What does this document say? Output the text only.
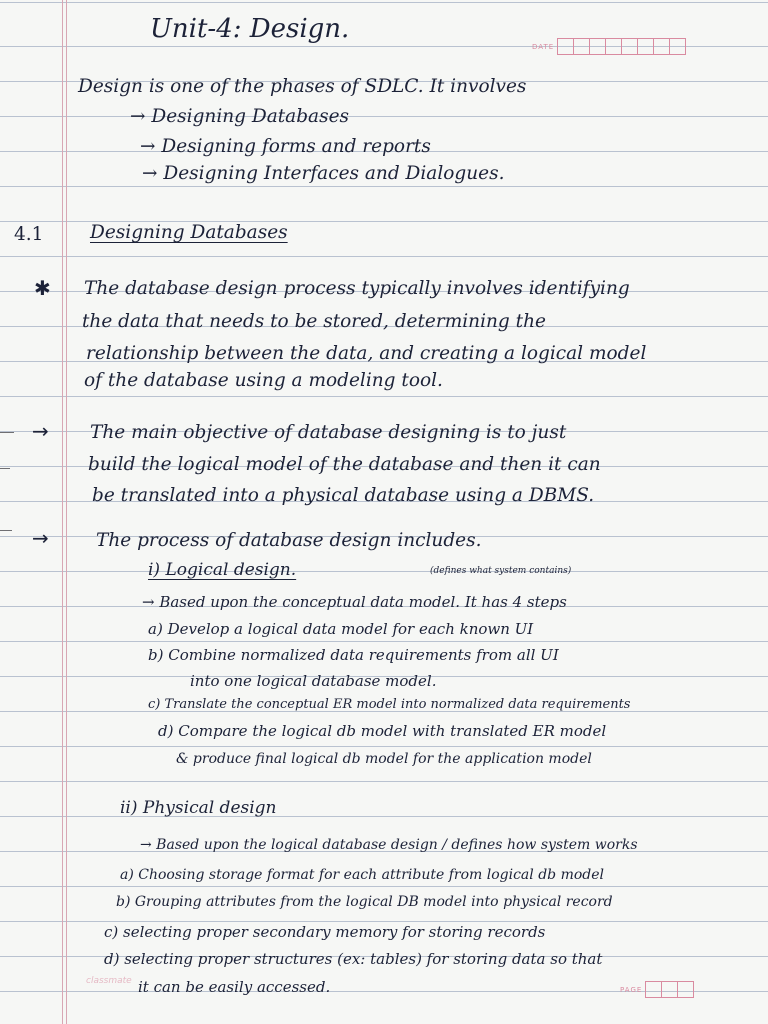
Unit-4: Design.
DATE
Design is one of the phases of SDLC. It involves
→ Designing Databases
→ Designing forms and reports
→ Designing Interfaces and Dialogues.
4.1	Designing Databases
✱ The database design process typically involves identifying
the data that needs to be stored, determining the
relationship between the data, and creating a logical model
of the database using a modeling tool.
→ The main objective of database designing is to just
build the logical model of the database and then it can
be translated into a physical database using a DBMS.
→	The process of database design includes.
i) Logical design.	(defines what system contains)
→ Based upon the conceptual data model. It has 4 steps
a) Develop a logical data model for each known UI
b) Combine normalized data requirements from all UI
into one logical database model.
c) Translate the conceptual ER model into normalized data requirements
d) Compare the logical db model with translated ER model
& produce final logical db model for the application model
ii) Physical design
→ Based upon the logical database design / defines how system works
a) Choosing storage format for each attribute from logical db model
b) Grouping attributes from the logical DB model into physical record
c) selecting proper secondary memory for storing records
d) selecting proper structures (ex: tables) for storing data so that
it can be easily accessed.
classmate
PAGE
